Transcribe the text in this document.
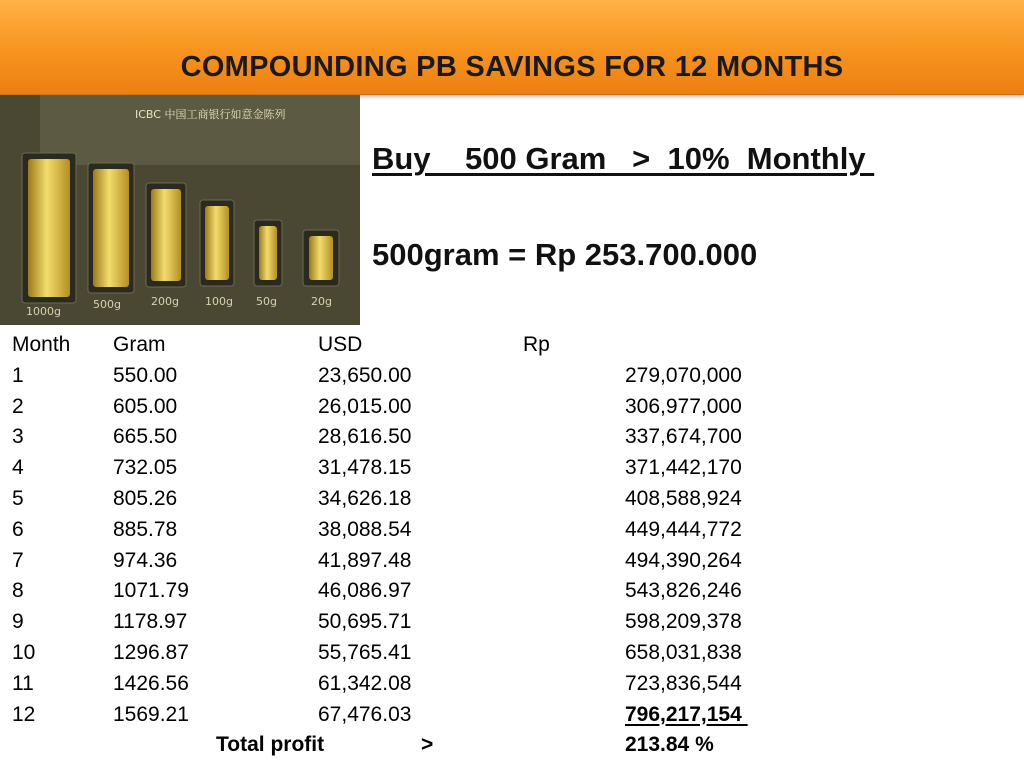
COMPOUNDING PB SAVINGS FOR 12 MONTHS
ICBC 中国工商银行如意金陈列
1000g
500g	200g 100g 50g	20g
Buy    500 Gram   >  10%  Monthly
500gram = Rp 253.700.000
Month Gram	USD	Rp
1	550.00	23,650.00	279,070,000
2	605.00	26,015.00	306,977,000
3	665.50	28,616.50	337,674,700
4	732.05	31,478.15	371,442,170
5	805.26	34,626.18	408,588,924
6	885.78	38,088.54	449,444,772
7	974.36	41,897.48	494,390,264
8	1071.79	46,086.97	543,826,246
9	1178.97	50,695.71	598,209,378
10	1296.87	55,765.41	658,031,838
11	1426.56	61,342.08	723,836,544
12	1569.21	67,476.03	796,217,154
Total profit	>	213.84 %
